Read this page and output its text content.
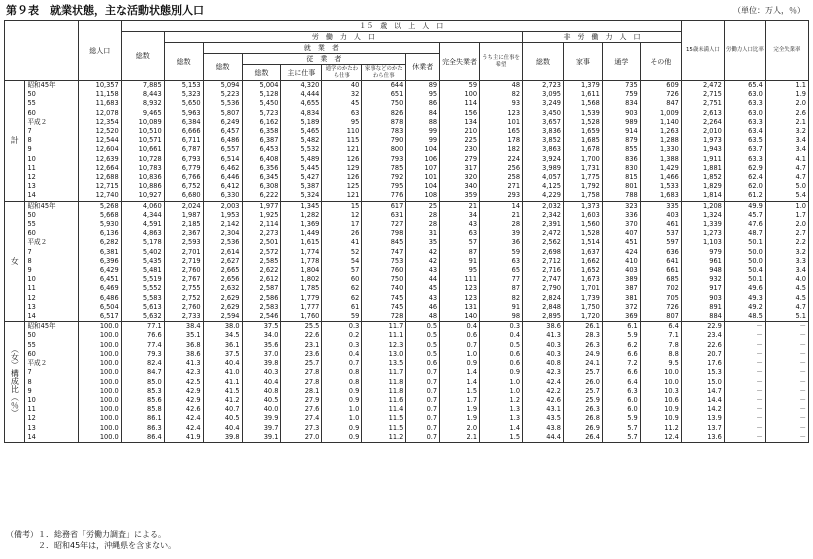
第９表　就業状態，主な活動状態別人口	（単位：万人，％）
		総人口	１５　歳　以　上　人　口														15歳未満人口	労働力人口比率	完全失業率
			総数	労　働　力　人　口									非　労　働　力　人　口						
				総数	就　業　者						完全失業者	うち主に仕事を希望	総数	家事	通学	その他			
					総数	従　業　者				休業者									
						総数	主に仕事	通学のかたわら仕事	家事などのかたわら仕事										
計	昭和45年	10,357	7,885	5,153	5,094	5,004	4,320	40	644	89	59	48	2,723	1,379	735	609	2,472	65.4	1.1
	50	11,158	8,443	5,323	5,223	5,128	4,444	32	651	95	100	82	3,095	1,611	759	726	2,715	63.0	1.9
	55	11,683	8,932	5,650	5,536	5,450	4,655	45	750	86	114	93	3,249	1,568	834	847	2,751	63.3	2.0
	60	12,078	9,465	5,963	5,807	5,723	4,834	63	826	84	156	123	3,450	1,539	903	1,009	2,613	63.0	2.6
	平成２	12,354	10,089	6,384	6,249	6,162	5,189	95	878	88	134	101	3,657	1,528	989	1,140	2,264	63.3	2.1
	7	12,520	10,510	6,666	6,457	6,358	5,465	110	783	99	210	165	3,836	1,659	914	1,263	2,010	63.4	3.2
	8	12,544	10,571	6,711	6,486	6,387	5,482	115	790	99	225	178	3,852	1,685	879	1,288	1,973	63.5	3.4
	9	12,604	10,661	6,787	6,557	6,453	5,532	121	800	104	230	182	3,863	1,678	855	1,330	1,943	63.7	3.4
	10	12,639	10,728	6,793	6,514	6,408	5,489	126	793	106	279	224	3,924	1,700	836	1,388	1,911	63.3	4.1
	11	12,664	10,783	6,779	6,462	6,356	5,445	129	785	107	317	256	3,989	1,731	830	1,429	1,881	62.9	4.7
	12	12,688	10,836	6,766	6,446	6,345	5,427	126	792	101	320	258	4,057	1,775	815	1,466	1,852	62.4	4.7
	13	12,715	10,886	6,752	6,412	6,308	5,387	125	795	104	340	271	4,125	1,792	801	1,533	1,829	62.0	5.0
	14	12,740	10,927	6,680	6,330	6,222	5,324	121	776	108	359	293	4,229	1,758	788	1,683	1,814	61.2	5.4
女	昭和45年	5,268	4,060	2,024	2,003	1,977	1,345	15	617	25	21	14	2,032	1,373	323	335	1,208	49.9	1.0
	50	5,668	4,344	1,987	1,953	1,925	1,282	12	631	28	34	21	2,342	1,603	336	403	1,324	45.7	1.7
	55	5,930	4,591	2,185	2,142	2,114	1,369	17	727	28	43	28	2,391	1,560	370	461	1,339	47.6	2.0
	60	6,136	4,863	2,367	2,304	2,273	1,449	26	798	31	63	39	2,472	1,528	407	537	1,273	48.7	2.7
	平成２	6,282	5,178	2,593	2,536	2,501	1,615	41	845	35	57	36	2,562	1,514	451	597	1,103	50.1	2.2
	7	6,381	5,402	2,701	2,614	2,572	1,774	52	747	42	87	59	2,698	1,637	424	636	979	50.0	3.2
	8	6,396	5,435	2,719	2,627	2,585	1,778	54	753	42	91	63	2,712	1,662	410	641	961	50.0	3.3
	9	6,429	5,481	2,760	2,665	2,622	1,804	57	760	43	95	65	2,716	1,652	403	661	948	50.4	3.4
	10	6,451	5,519	2,767	2,656	2,612	1,802	60	750	44	111	77	2,747	1,673	389	685	932	50.1	4.0
	11	6,469	5,552	2,755	2,632	2,587	1,785	62	740	45	123	87	2,790	1,701	387	702	917	49.6	4.5
	12	6,486	5,583	2,752	2,629	2,586	1,779	62	745	43	123	82	2,824	1,739	381	705	903	49.3	4.5
	13	6,504	5,613	2,760	2,629	2,583	1,777	61	745	46	131	91	2,848	1,750	372	726	891	49.2	4.7
	14	6,517	5,632	2,733	2,594	2,546	1,760	59	728	48	140	98	2,895	1,720	369	807	884	48.5	5.1
（女）構成比（％）	昭和45年	100.0	77.1	38.4	38.0	37.5	25.5	0.3	11.7	0.5	0.4	0.3	38.6	26.1	6.1	6.4	22.9	－	－
	50	100.0	76.6	35.1	34.5	34.0	22.6	0.2	11.1	0.5	0.6	0.4	41.3	28.3	5.9	7.1	23.4	－	－
	55	100.0	77.4	36.8	36.1	35.6	23.1	0.3	12.3	0.5	0.7	0.5	40.3	26.3	6.2	7.8	22.6	－	－
	60	100.0	79.3	38.6	37.5	37.0	23.6	0.4	13.0	0.5	1.0	0.6	40.3	24.9	6.6	8.8	20.7	－	－
	平成２	100.0	82.4	41.3	40.4	39.8	25.7	0.7	13.5	0.6	0.9	0.6	40.8	24.1	7.2	9.5	17.6	－	－
	7	100.0	84.7	42.3	41.0	40.3	27.8	0.8	11.7	0.7	1.4	0.9	42.3	25.7	6.6	10.0	15.3	－	－
	8	100.0	85.0	42.5	41.1	40.4	27.8	0.8	11.8	0.7	1.4	1.0	42.4	26.0	6.4	10.0	15.0	－	－
	9	100.0	85.3	42.9	41.5	40.8	28.1	0.9	11.8	0.7	1.5	1.0	42.2	25.7	6.3	10.3	14.7	－	－
	10	100.0	85.6	42.9	41.2	40.5	27.9	0.9	11.6	0.7	1.7	1.2	42.6	25.9	6.0	10.6	14.4	－	－
	11	100.0	85.8	42.6	40.7	40.0	27.6	1.0	11.4	0.7	1.9	1.3	43.1	26.3	6.0	10.9	14.2	－	－
	12	100.0	86.1	42.4	40.5	39.9	27.4	1.0	11.5	0.7	1.9	1.3	43.5	26.8	5.9	10.9	13.9	－	－
	13	100.0	86.3	42.4	40.4	39.7	27.3	0.9	11.5	0.7	2.0	1.4	43.8	26.9	5.7	11.2	13.7	－	－
	14	100.0	86.4	41.9	39.8	39.1	27.0	0.9	11.2	0.7	2.1	1.5	44.4	26.4	5.7	12.4	13.6	－	－
（備考）１．総務省「労働力調査」による。
　　　　２．昭和45年は，沖縄県を含まない。
